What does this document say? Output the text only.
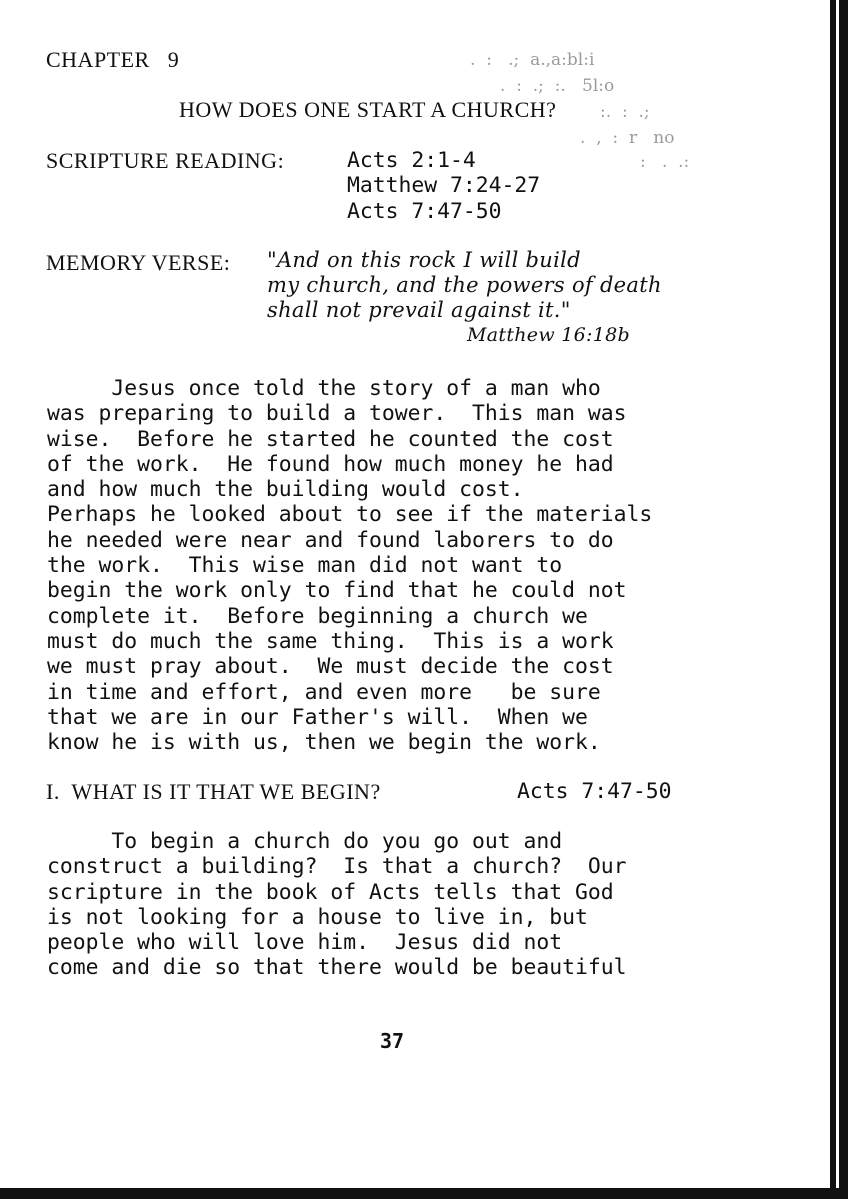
.  :   .;  a.,a:bl:i
.  :  .;  :.   5l:o
:.  :  .;
.  ,  :  r   no
:   .  .:
CHAPTER   9
HOW DOES ONE START A CHURCH?
SCRIPTURE READING:	Acts 2:1-4
Matthew 7:24-27
Acts 7:47-50
MEMORY VERSE: "And on this rock I will build
my church, and the powers of death
shall not prevail against it."
Matthew 16:18b
Jesus once told the story of a man who
was preparing to build a tower.  This man was
wise.  Before he started he counted the cost
of the work.  He found how much money he had
and how much the building would cost.
Perhaps he looked about to see if the materials
he needed were near and found laborers to do
the work.  This wise man did not want to
begin the work only to find that he could not
complete it.  Before beginning a church we
must do much the same thing.  This is a work
we must pray about.  We must decide the cost
in time and effort, and even more   be sure
that we are in our Father's will.  When we
know he is with us, then we begin the work.
I.  WHAT IS IT THAT WE BEGIN?	Acts 7:47-50
To begin a church do you go out and
construct a building?  Is that a church?  Our
scripture in the book of Acts tells that God
is not looking for a house to live in, but
people who will love him.  Jesus did not
come and die so that there would be beautiful
37
